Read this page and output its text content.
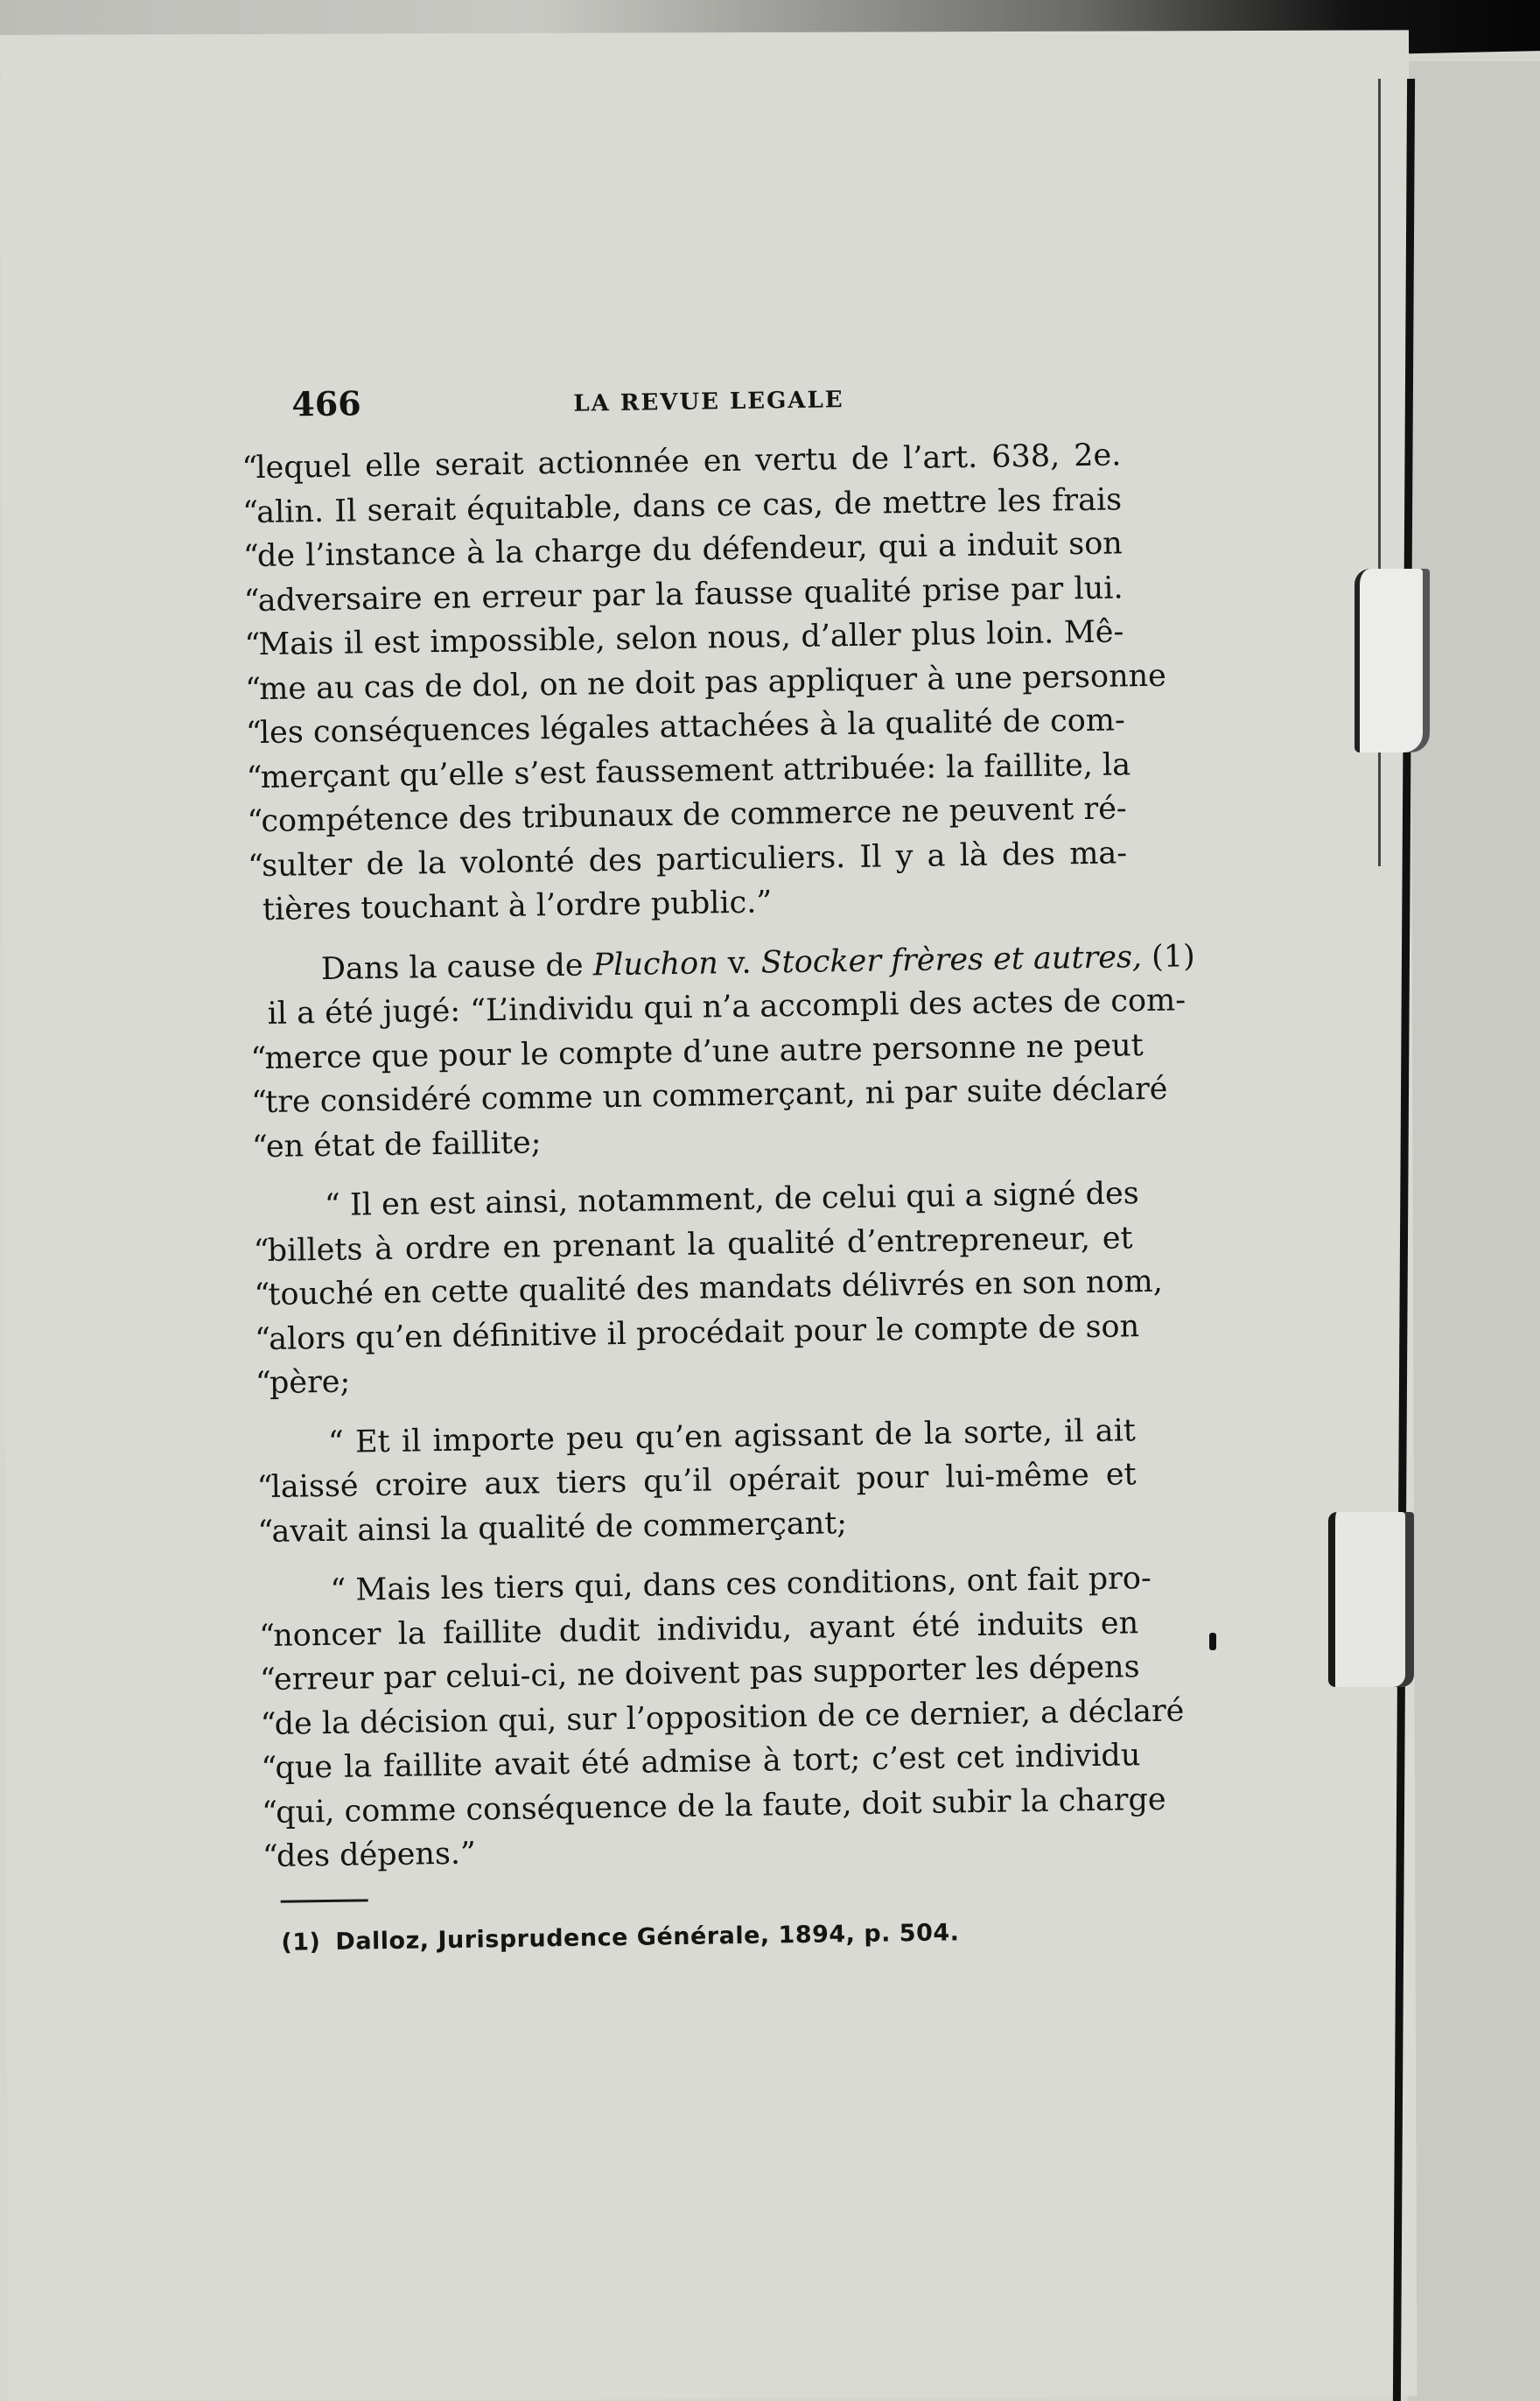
466	LA REVUE LEGALE
lequel elle serait actionnée en vertu de l’art. 638, 2e.
alin. Il serait équitable, dans ce cas, de mettre les frais
de l’instance à la charge du défendeur, qui a induit son
adversaire en erreur par la fausse qualité prise par lui.
Mais il est impossible, selon nous, d’aller plus loin. Mê-
me au cas de dol, on ne doit pas appliquer à une personne
les conséquences légales attachées à la qualité de com-
merçant qu’elle s’est faussement attribuée: la faillite, la
compétence des tribunaux de commerce ne peuvent ré-
sulter de la volonté des particuliers. Il y a là des ma-
tières touchant à l’ordre public.”
Dans la cause de Pluchon v. Stocker frères et autres, (1)
il a été jugé: “L’individu qui n’a accompli des actes de com-
merce que pour le compte d’une autre personne ne peut
tre considéré comme un commerçant, ni par suite déclaré
en état de faillite;
“ Il en est ainsi, notamment, de celui qui a signé des
billets à ordre en prenant la qualité d’entrepreneur, et
touché en cette qualité des mandats délivrés en son nom,
alors qu’en définitive il procédait pour le compte de son
père;
“ Et il importe peu qu’en agissant de la sorte, il ait
laissé croire aux tiers qu’il opérait pour lui-même et
avait ainsi la qualité de commerçant;
“ Mais les tiers qui, dans ces conditions, ont fait pro-
noncer la faillite dudit individu, ayant été induits en
erreur par celui-ci, ne doivent pas supporter les dépens
de la décision qui, sur l’opposition de ce dernier, a déclaré
que la faillite avait été admise à tort; c’est cet individu
qui, comme conséquence de la faute, doit subir la charge
des dépens.”
(1) Dalloz, Jurisprudence Générale, 1894, p. 504.
